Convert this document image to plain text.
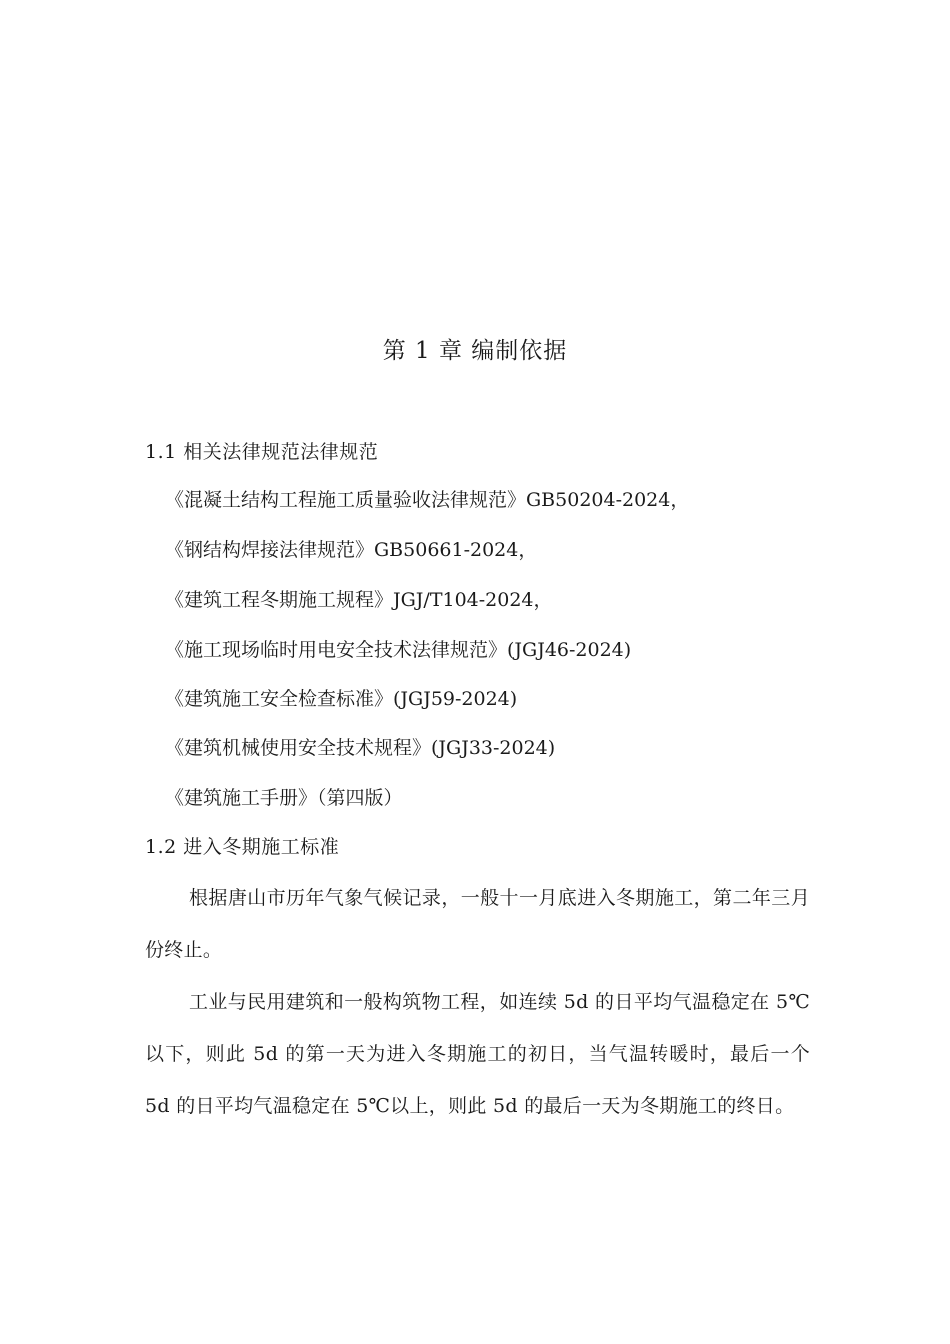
第 1 章 编制依据
1.1 相关法律规范法律规范
《混凝土结构工程施工质量验收法律规范》GB50204-2024，
《钢结构焊接法律规范》GB50661-2024，
《建筑工程冬期施工规程》JGJ/T104-2024，
《施工现场临时用电安全技术法律规范》(JGJ46-2024)
《建筑施工安全检查标准》(JGJ59-2024)
《建筑机械使用安全技术规程》(JGJ33-2024)
《建筑施工手册》（第四版）
1.2 进入冬期施工标准
根据唐山市历年气象气候记录，一般十一月底进入冬期施工，第二年三月份终止。
工业与民用建筑和一般构筑物工程，如连续 5d 的日平均气温稳定在 5℃以下，则此 5d 的第一天为进入冬期施工的初日，当气温转暖时，最后一个 5d 的日平均气温稳定在 5℃以上，则此 5d 的最后一天为冬期施工的终日。
